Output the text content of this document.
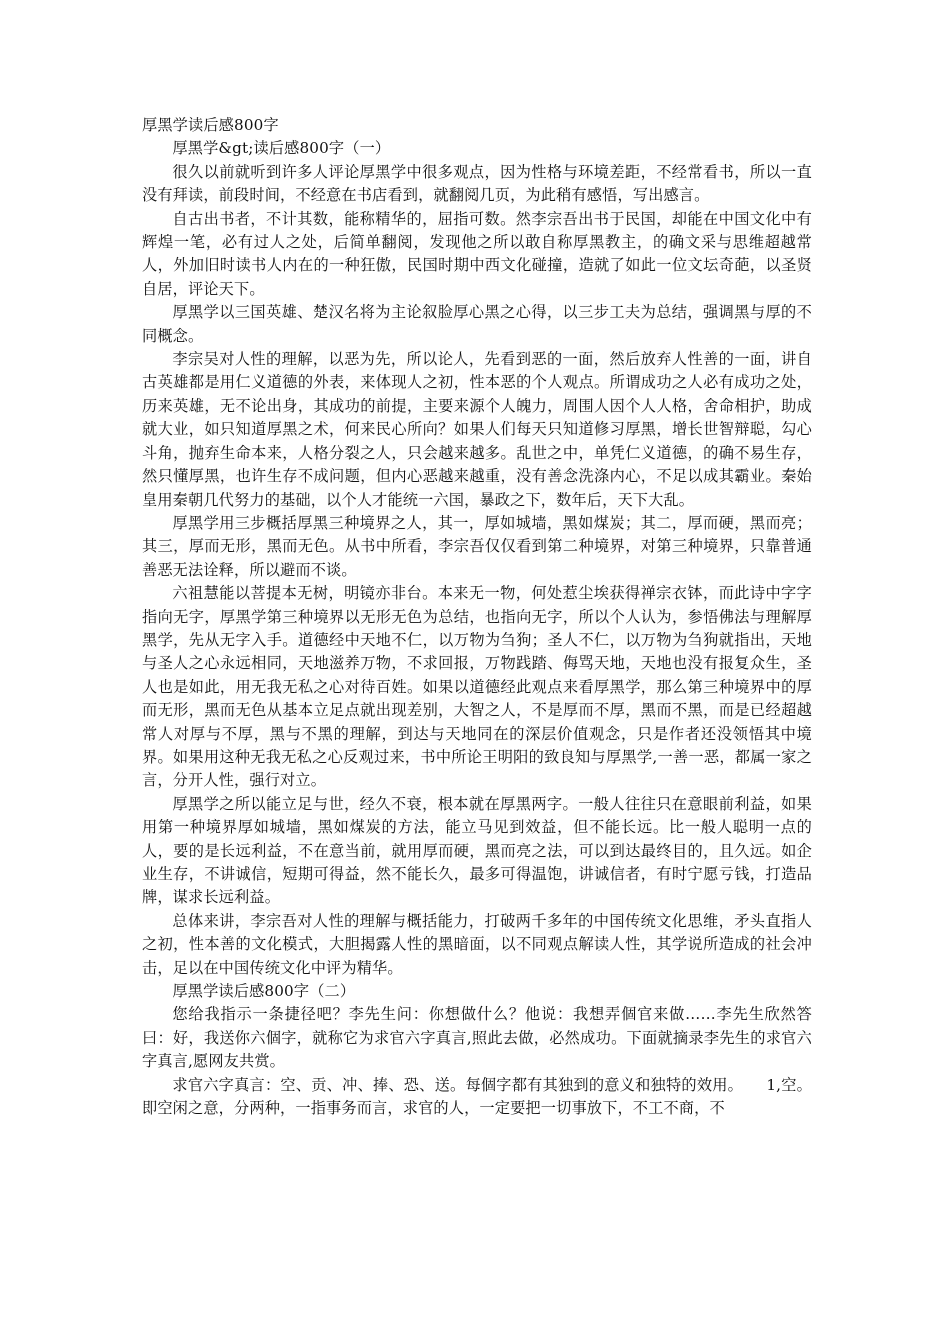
厚黑学读后感800字

厚黑学&gt;读后感800字（一）

很久以前就听到许多人评论厚黑学中很多观点，因为性格与环境差距，不经常看书，所以一直没有拜读，前段时间，不经意在书店看到，就翻阅几页，为此稍有感悟，写出感言。

自古出书者，不计其数，能称精华的，屈指可数。然李宗吾出书于民国，却能在中国文化中有辉煌一笔，必有过人之处，后简单翻阅，发现他之所以敢自称厚黑教主，的确文采与思维超越常人，外加旧时读书人内在的一种狂傲，民国时期中西文化碰撞，造就了如此一位文坛奇葩，以圣贤自居，评论天下。

厚黑学以三国英雄、楚汉名将为主论叙脸厚心黑之心得，以三步工夫为总结，强调黑与厚的不同概念。

李宗吴对人性的理解，以恶为先，所以论人，先看到恶的一面，然后放弃人性善的一面，讲自古英雄都是用仁义道德的外表，来体现人之初，性本恶的个人观点。所谓成功之人必有成功之处，历来英雄，无不论出身，其成功的前提，主要来源个人魄力，周围人因个人人格，舍命相护，助成就大业，如只知道厚黑之术，何来民心所向？如果人们每天只知道修习厚黑，增长世智辩聪，勾心斗角，抛弃生命本来，人格分裂之人，只会越来越多。乱世之中，单凭仁义道德，的确不易生存，然只懂厚黑，也许生存不成问题，但内心恶越来越重，没有善念洗涤内心，不足以成其霸业。秦始皇用秦朝几代努力的基础，以个人才能统一六国，暴政之下，数年后，天下大乱。

厚黑学用三步概括厚黑三种境界之人，其一，厚如城墙，黑如煤炭；其二，厚而硬，黑而亮；其三，厚而无形，黑而无色。从书中所看，李宗吾仅仅看到第二种境界，对第三种境界，只靠普通善恶无法诠释，所以避而不谈。

六祖慧能以菩提本无树，明镜亦非台。本来无一物，何处惹尘埃获得禅宗衣钵，而此诗中字字指向无字，厚黑学第三种境界以无形无色为总结，也指向无字，所以个人认为，参悟佛法与理解厚黑学，先从无字入手。道德经中天地不仁，以万物为刍狗；圣人不仁，以万物为刍狗就指出，天地与圣人之心永远相同，天地滋养万物，不求回报，万物践踏、侮骂天地，天地也没有报复众生，圣人也是如此，用无我无私之心对待百姓。如果以道德经此观点来看厚黑学，那么第三种境界中的厚而无形，黑而无色从基本立足点就出现差别，大智之人，不是厚而不厚，黑而不黑，而是已经超越常人对厚与不厚，黑与不黑的理解，到达与天地同在的深层价值观念，只是作者还没领悟其中境界。如果用这种无我无私之心反观过来，书中所论王明阳的致良知与厚黑学,一善一恶，都属一家之言，分开人性，强行对立。

厚黑学之所以能立足与世，经久不衰，根本就在厚黑两字。一般人往往只在意眼前利益，如果用第一种境界厚如城墙，黑如煤炭的方法，能立马见到效益，但不能长远。比一般人聪明一点的人，要的是长远利益，不在意当前，就用厚而硬，黑而亮之法，可以到达最终目的，且久远。如企业生存，不讲诚信，短期可得益，然不能长久，最多可得温饱，讲诚信者，有时宁愿亏钱，打造品牌，谋求长远利益。

总体来讲，李宗吾对人性的理解与概括能力，打破两千多年的中国传统文化思维，矛头直指人之初，性本善的文化模式，大胆揭露人性的黑暗面，以不同观点解读人性，其学说所造成的社会冲击，足以在中国传统文化中评为精华。

厚黑学读后感800字（二）

您给我指示一条捷径吧？李先生问：你想做什么？他说：我想弄個官来做……李先生欣然答曰：好，我送你六個字，就称它为求官六字真言,照此去做，必然成功。下面就摘录李先生的求官六字真言,愿网友共赏。

求官六字真言：空、贡、冲、捧、恐、送。每個字都有其独到的意义和独特的效用。　　1,空。即空闲之意，分两种，一指事务而言，求官的人，一定要把一切事放下，不工不商，不
